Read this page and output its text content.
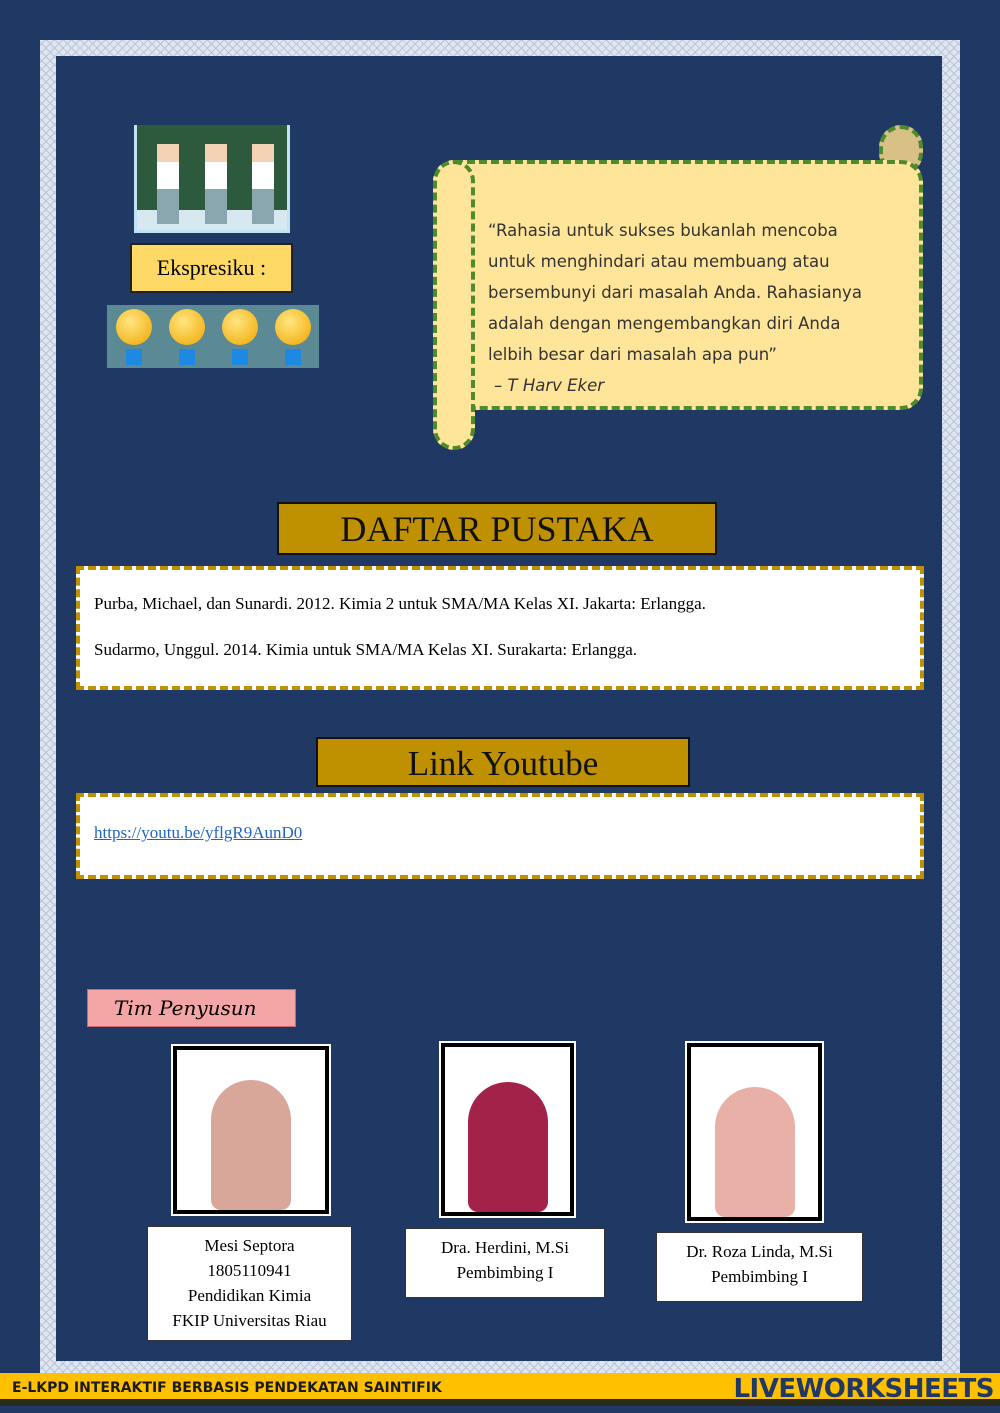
Ekspresiku :
“Rahasia untuk sukses bukanlah mencoba
untuk menghindari atau membuang atau
bersembunyi dari masalah Anda. Rahasianya
adalah dengan mengembangkan diri Anda
lelbih besar dari masalah apa pun”
– T Harv Eker
DAFTAR PUSTAKA

Purba, Michael, dan Sunardi. 2012. Kimia 2 untuk SMA/MA Kelas XI. Jakarta: Erlangga.

Sudarmo, Unggul. 2014. Kimia untuk SMA/MA Kelas XI. Surakarta: Erlangga.

Link Youtube
https://youtu.be/yflgR9AunD0
Tim Penyusun
Mesi Septora
1805110941
Pendidikan Kimia
FKIP Universitas Riau
Dra. Herdini, M.Si
Pembimbing I
Dr. Roza Linda, M.Si
Pembimbing I
E-LKPD INTERAKTIF BERBASIS PENDEKATAN SAINTIFIK	LIVEWORKSHEETS
